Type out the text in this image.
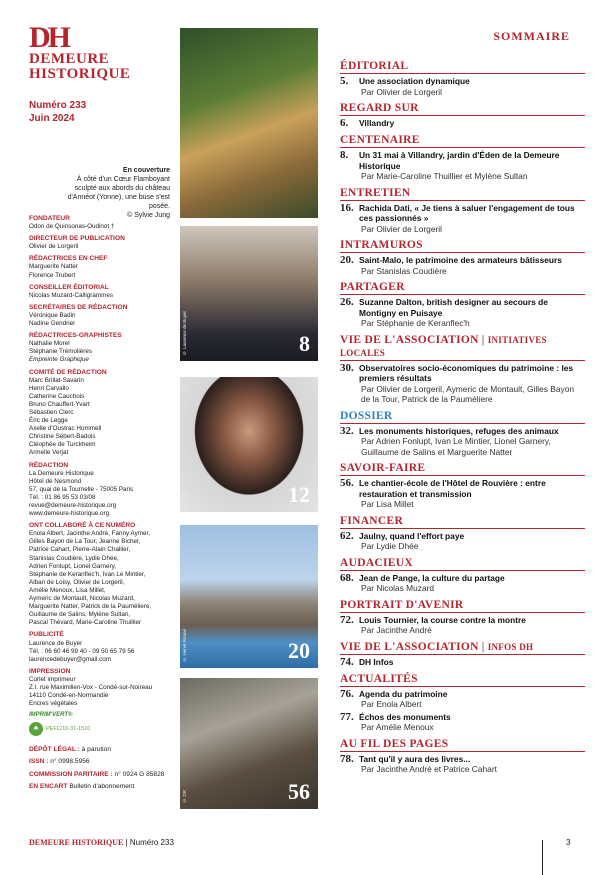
DH
DEMEURE
HISTORIQUE
Numéro 233
Juin 2024
En couverture
À côté d'un Cœur Flamboyant sculpté aux abords du château d'Annéot (Yonne), une buse s'est posée.
© Sylvie Jung
FONDATEUR
Odon de Quinsonas-Oudinot †
DIRECTEUR DE PUBLICATION
Olivier de Lorgeril
RÉDACTRICES EN CHEF
Marguerite Natter
Florence Trubert
CONSEILLER ÉDITORIAL
Nicolas Muzard-Calligrammes
SECRÉTAIRES DE RÉDACTION
Véronique Badin
Nadine Gendrier
RÉDACTRICES-GRAPHISTES
Nathalie Morel
Stéphanie Trémolières
Empreinte Graphique
COMITÉ DE RÉDACTION
Marc Brillat-Savarin
Henri Carvallo
Catherine Cauchois
Bruno Chauffert-Yvart
Sébastien Clerc
Éric de Legge
Axelle d'Oustrac Hommell
Christine Sébert-Badois
Cléophée de Turckheim
Armelle Verjat
RÉDACTION
La Demeure Historique
Hôtel de Nesmond
57, quai de la Tournelle - 75005 Paris
Tél. : 01 86 95 53 03/08
revue@demeure-historique.org
www.demeure-historique.org
ONT COLLABORÉ À CE NUMÉRO
Enola Albert, Jacinthe André, Fanny Aymer,
Gilles Bayon de La Tour, Jeanne Bicher,
Patrice Cahart, Pierre-Alain Challier,
Stanislas Coudière, Lydie Dhée,
Adrien Fonlupt, Lionel Garnery,
Stéphanie de Keranflec'h, Ivan Le Mintier,
Alban de Loisy, Olivier de Lorgeril,
Amélie Menoux, Lisa Millet,
Aymeric de Montault, Nicolas Muzard,
Marguerite Natter, Patrick de la Pauméliere,
Guillaume de Salins, Mylène Sultan,
Pascal Thévard, Marie-Caroline Thuillier
PUBLICITÉ
Laurence de Buyer
Tél. : 06 60 46 99 40 - 09 50 65 79 56
laurencedebuyer@gmail.com
IMPRESSION
Corlet imprimeur
Z.I. rue Maximilien-Vox - Condé-sur-Noireau
14110 Condé-en-Normandie
Encres végétales
IMPRIM'VERT®
♣	PEFC/10-31-1510
DÉPÔT LÉGAL : à parution
ISSN : n° 0998.5956
COMMISSION PARITAIRE : n° 0924 G 85828
EN ENCART Bulletin d'abonnement
© Laurence de Buyer	8
© DR	12
© Hervé Ronné	20
© DR	56
SOMMAIRE
ÉDITORIAL
5.	Une association dynamique
Par Olivier de Lorgeril
REGARD SUR
6.	Villandry
CENTENAIRE
8.	Un 31 mai à Villandry, jardin d'Éden de la Demeure Historique
Par Marie-Caroline Thuillier et Mylène Sultan
ENTRETIEN
16. Rachida Dati, « Je tiens à saluer l'engagement de tous ces passionnés »
Par Olivier de Lorgeril
INTRAMUROS
20. Saint-Malo, le patrimoine des armateurs bâtisseurs
Par Stanislas Coudière
PARTAGER
26. Suzanne Dalton, british designer au secours de Montigny en Puisaye
Par Stéphanie de Keranflec'h
VIE DE L'ASSOCIATION | INITIATIVES LOCALES
30. Observatoires socio-économiques du patrimoine : les premiers résultats
Par Olivier de Lorgeril, Aymeric de Montault, Gilles Bayon de la Tour, Patrick de la Pauméliere
DOSSIER
32. Les monuments historiques, refuges des animaux
Par Adrien Fonlupt, Ivan Le Mintier, Lionel Garnery, Guillaume de Salins et Marguerite Natter
SAVOIR-FAIRE
56. Le chantier-école de l'Hôtel de Rouvière : entre restauration et transmission
Par Lisa Millet
FINANCER
62. Jaulny, quand l'effort paye
Par Lydie Dhée
AUDACIEUX
68. Jean de Pange, la culture du partage
Par Nicolas Muzard
PORTRAIT D'AVENIR
72. Louis Tournier, la course contre la montre
Par Jacinthe André
VIE DE L'ASSOCIATION | INFOS DH
74. DH Infos
ACTUALITÉS
76. Agenda du patrimoine
Par Enola Albert
77. Échos des monuments
Par Amélie Menoux
AU FIL DES PAGES
78. Tant qu'il y aura des livres...
Par Jacinthe André et Patrice Cahart
DEMEURE HISTORIQUE | Numéro 233	3
